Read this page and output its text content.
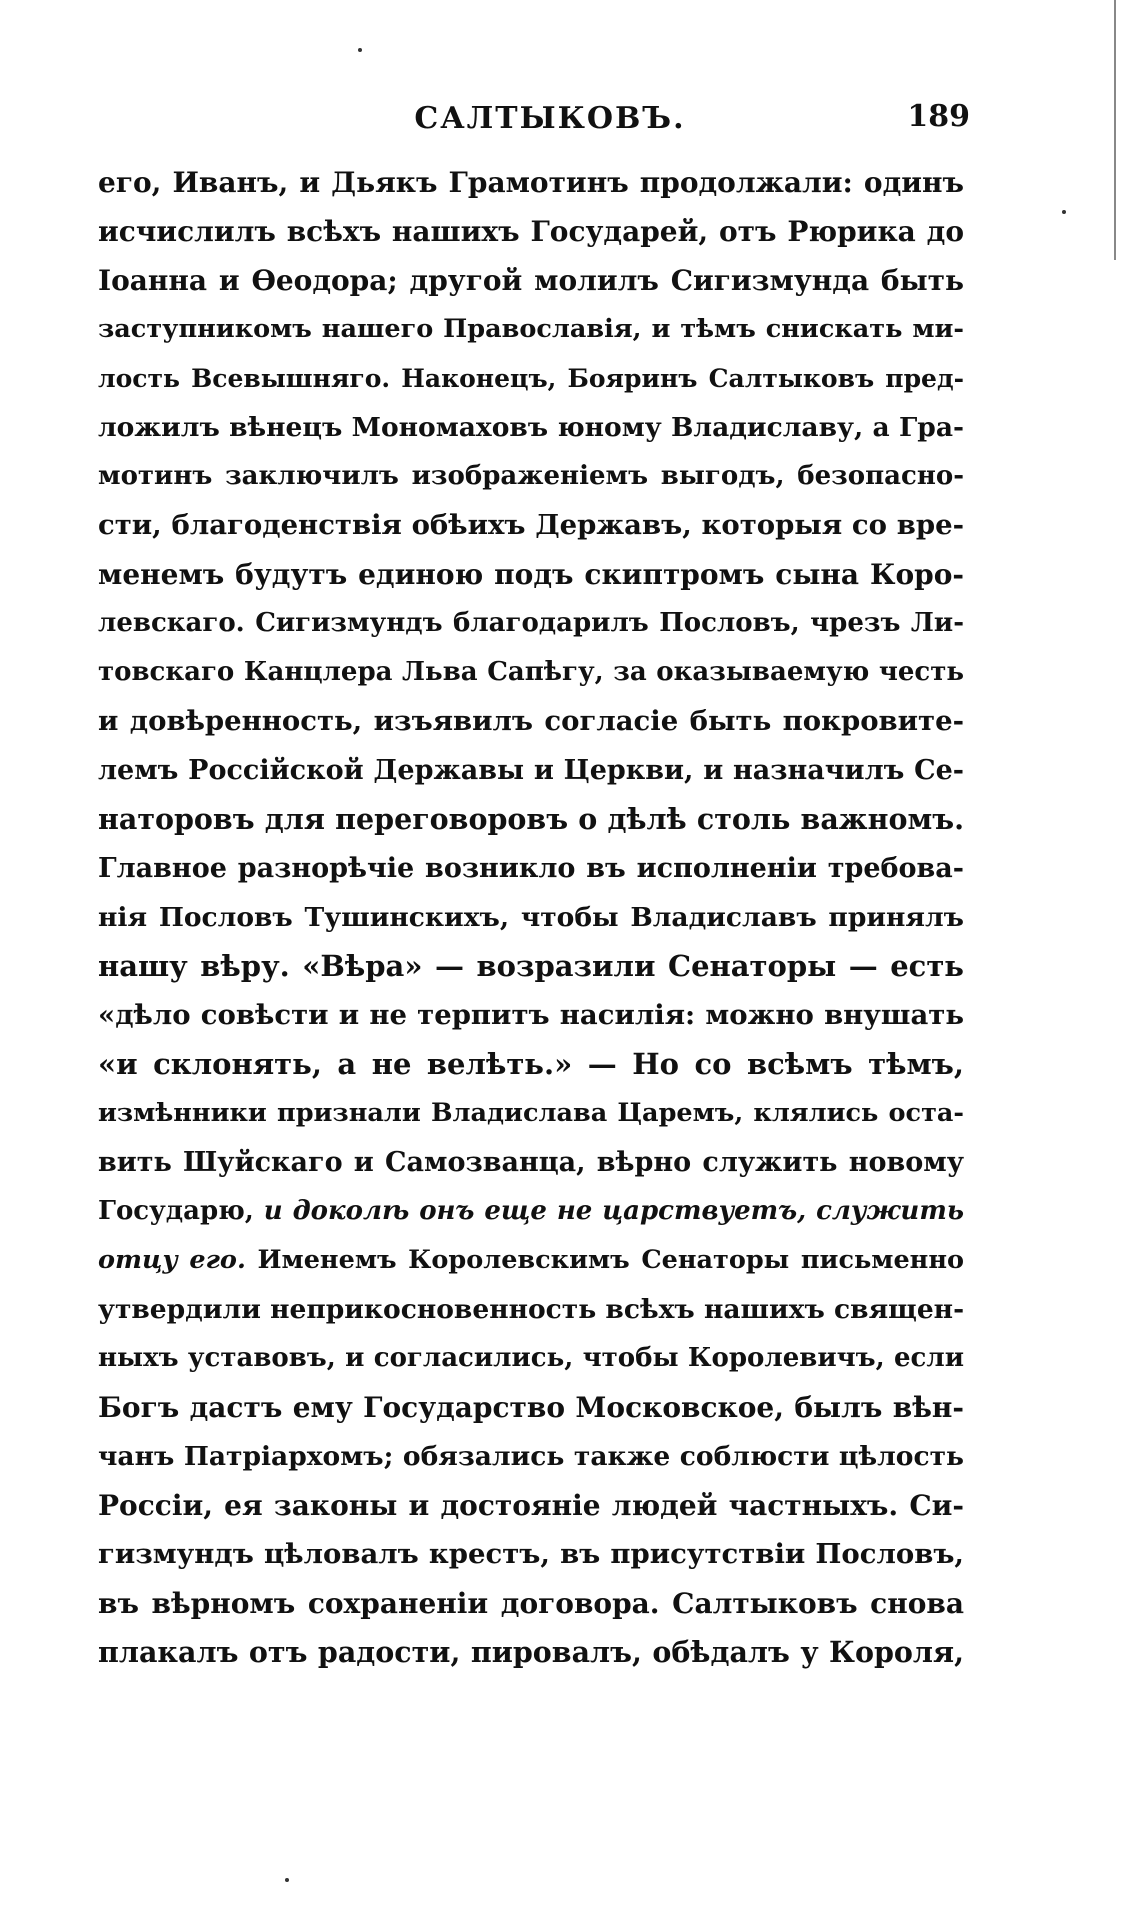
САЛТЫКОВЪ.	189
его, Иванъ, и Дьякъ Грамотинъ продолжали: одинъ
исчислилъ всѣхъ нашихъ Государей, отъ Рюрика до
Іоанна и Ѳеодора; другой молилъ Сигизмунда быть
заступникомъ нашего Православія, и тѣмъ снискать ми-
лость Всевышняго. Наконецъ, Бояринъ Салтыковъ пред-
ложилъ вѣнецъ Мономаховъ юному Владиславу, а Гра-
мотинъ заключилъ изображеніемъ выгодъ, безопасно-
сти, благоденствія обѣихъ Державъ, которыя со вре-
менемъ будутъ единою подъ скиптромъ сына Коро-
левскаго. Сигизмундъ благодарилъ Пословъ, чрезъ Ли-
товскаго Канцлера Льва Сапѣгу, за оказываемую честь
и довѣренность, изъявилъ согласіе быть покровите-
лемъ Россійской Державы и Церкви, и назначилъ Се-
наторовъ для переговоровъ о дѣлѣ столь важномъ.
Главное разнорѣчіе возникло въ исполненіи требова-
нія Пословъ Тушинскихъ, чтобы Владиславъ принялъ
нашу вѣру. «Вѣра» — возразили Сенаторы — есть
«дѣло совѣсти и не терпитъ насилія: можно внушать
«и склонять, а не велѣть.» — Но со всѣмъ тѣмъ,
измѣнники признали Владислава Царемъ, клялись оста-
вить Шуйскаго и Самозванца, вѣрно служить новому
Государю, и доколѣ онъ еще не царствуетъ, служить
отцу его. Именемъ Королевскимъ Сенаторы письменно
утвердили неприкосновенность всѣхъ нашихъ священ-
ныхъ уставовъ, и согласились, чтобы Королевичъ, если
Богъ дастъ ему Государство Московское, былъ вѣн-
чанъ Патріархомъ; обязались также соблюсти цѣлость
Россіи, ея законы и достояніе людей частныхъ. Си-
гизмундъ цѣловалъ крестъ, въ присутствіи Пословъ,
въ вѣрномъ сохраненіи договора. Салтыковъ снова
плакалъ отъ радости, пировалъ, обѣдалъ у Короля,
